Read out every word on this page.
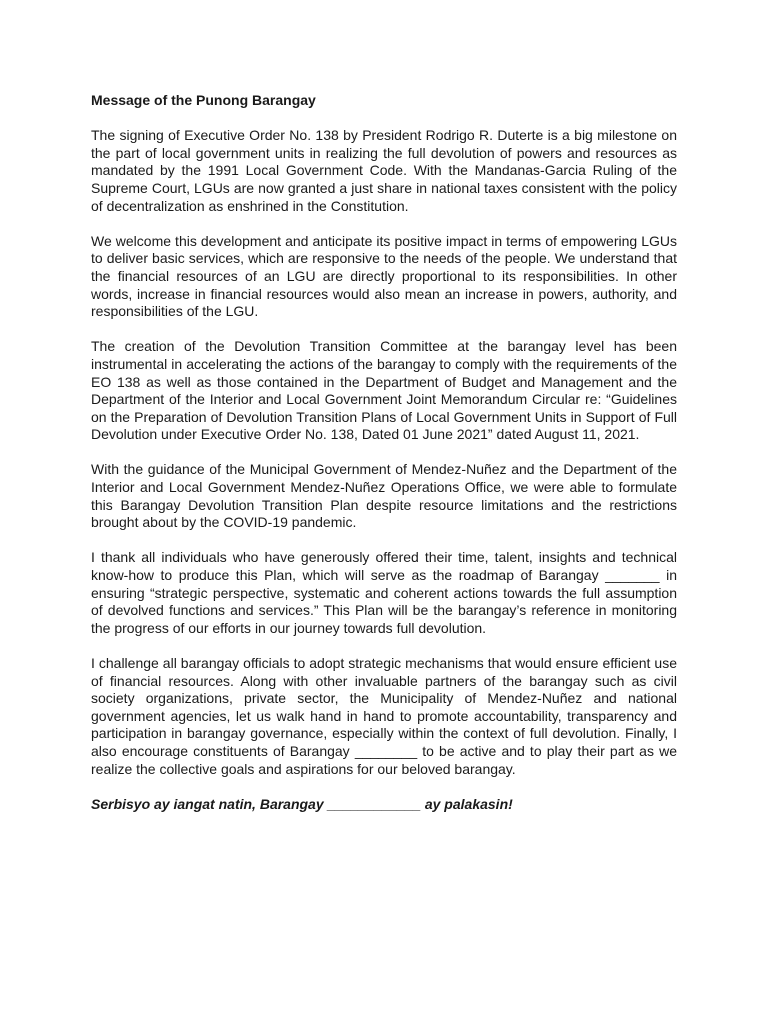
Message of the Punong Barangay

The signing of Executive Order No. 138 by President Rodrigo R. Duterte is a big milestone on the part of local government units in realizing the full devolution of powers and resources as mandated by the 1991 Local Government Code. With the Mandanas-Garcia Ruling of the Supreme Court, LGUs are now granted a just share in national taxes consistent with the policy of decentralization as enshrined in the Constitution.

We welcome this development and anticipate its positive impact in terms of empowering LGUs to deliver basic services, which are responsive to the needs of the people. We understand that the financial resources of an LGU are directly proportional to its responsibilities. In other words, increase in financial resources would also mean an increase in powers, authority, and responsibilities of the LGU.

The creation of the Devolution Transition Committee at the barangay level has been instrumental in accelerating the actions of the barangay to comply with the requirements of the EO 138 as well as those contained in the Department of Budget and Management and the Department of the Interior and Local Government Joint Memorandum Circular re: “Guidelines on the Preparation of Devolution Transition Plans of Local Government Units in Support of Full Devolution under Executive Order No. 138, Dated 01 June 2021” dated August 11, 2021.

With the guidance of the Municipal Government of Mendez-Nuñez and the Department of the Interior and Local Government Mendez-Nuñez Operations Office, we were able to formulate this Barangay Devolution Transition Plan despite resource limitations and the restrictions brought about by the COVID-19 pandemic.

I thank all individuals who have generously offered their time, talent, insights and technical know-how to produce this Plan, which will serve as the roadmap of Barangay _______ in ensuring “strategic perspective, systematic and coherent actions towards the full assumption of devolved functions and services.” This Plan will be the barangay’s reference in monitoring the progress of our efforts in our journey towards full devolution.

I challenge all barangay officials to adopt strategic mechanisms that would ensure efficient use of financial resources. Along with other invaluable partners of the barangay such as civil society organizations, private sector, the Municipality of Mendez-Nuñez and national government agencies, let us walk hand in hand to promote accountability, transparency and participation in barangay governance, especially within the context of full devolution. Finally, I also encourage constituents of Barangay ________ to be active and to play their part as we realize the collective goals and aspirations for our beloved barangay.

Serbisyo ay iangat natin, Barangay ____________ ay palakasin!
